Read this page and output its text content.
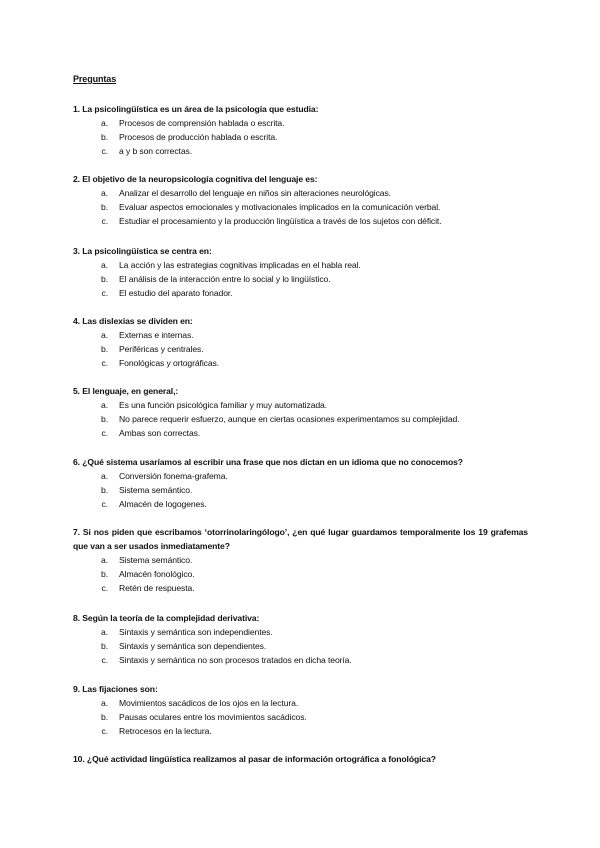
Preguntas

1. La psicolingüística es un área de la psicología que estudia:

a.	Procesos de comprensión hablada o escrita.
b.	Procesos de producción hablada o escrita.
c.	a y b son correctas.

2. El objetivo de la neuropsicología cognitiva del lenguaje es:

a.	Analizar el desarrollo del lenguaje en niños sin alteraciones neurológicas.
b.	Evaluar aspectos emocionales y motivacionales implicados en la comunicación verbal.
c.	Estudiar el procesamiento y la producción lingüística a través de los sujetos con déficit.

3. La psicolingüística se centra en:

a.	La acción y las estrategias cognitivas implicadas en el habla real.
b.	El análisis de la interacción entre lo social y lo lingüístico.
c.	El estudio del aparato fonador.

4. Las dislexias se dividen en:

a.	Externas e internas.
b.	Periféricas y centrales.
c.	Fonológicas y ortográficas.

5. El lenguaje, en general,:

a.	Es una función psicológica familiar y muy automatizada.
b.	No parece requerir esfuerzo, aunque en ciertas ocasiones experimentamos su complejidad.
c.	Ambas son correctas.

6. ¿Qué sistema usaríamos al escribir una frase que nos dictan en un idioma que no conocemos?

a.	Conversión fonema-grafema.
b.	Sistema semántico.
c.	Almacén de logogenes.

7. Si nos piden que escribamos ‘otorrinolaringólogo’, ¿en qué lugar guardamos temporalmente los 19 grafemas que van a ser usados inmediatamente?

a.	Sistema semántico.
b.	Almacén fonológico.
c.	Retén de respuesta.

8. Según la teoría de la complejidad derivativa:

a.	Sintaxis y semántica son independientes.
b.	Sintaxis y semántica son dependientes.
c.	Sintaxis y semántica no son procesos tratados en dicha teoría.

9. Las fijaciones son:

a.	Movimientos sacádicos de los ojos en la lectura.
b.	Pausas oculares entre los movimientos sacádicos.
c.	Retrocesos en la lectura.

10. ¿Qué actividad lingüística realizamos al pasar de información ortográfica a fonológica?
